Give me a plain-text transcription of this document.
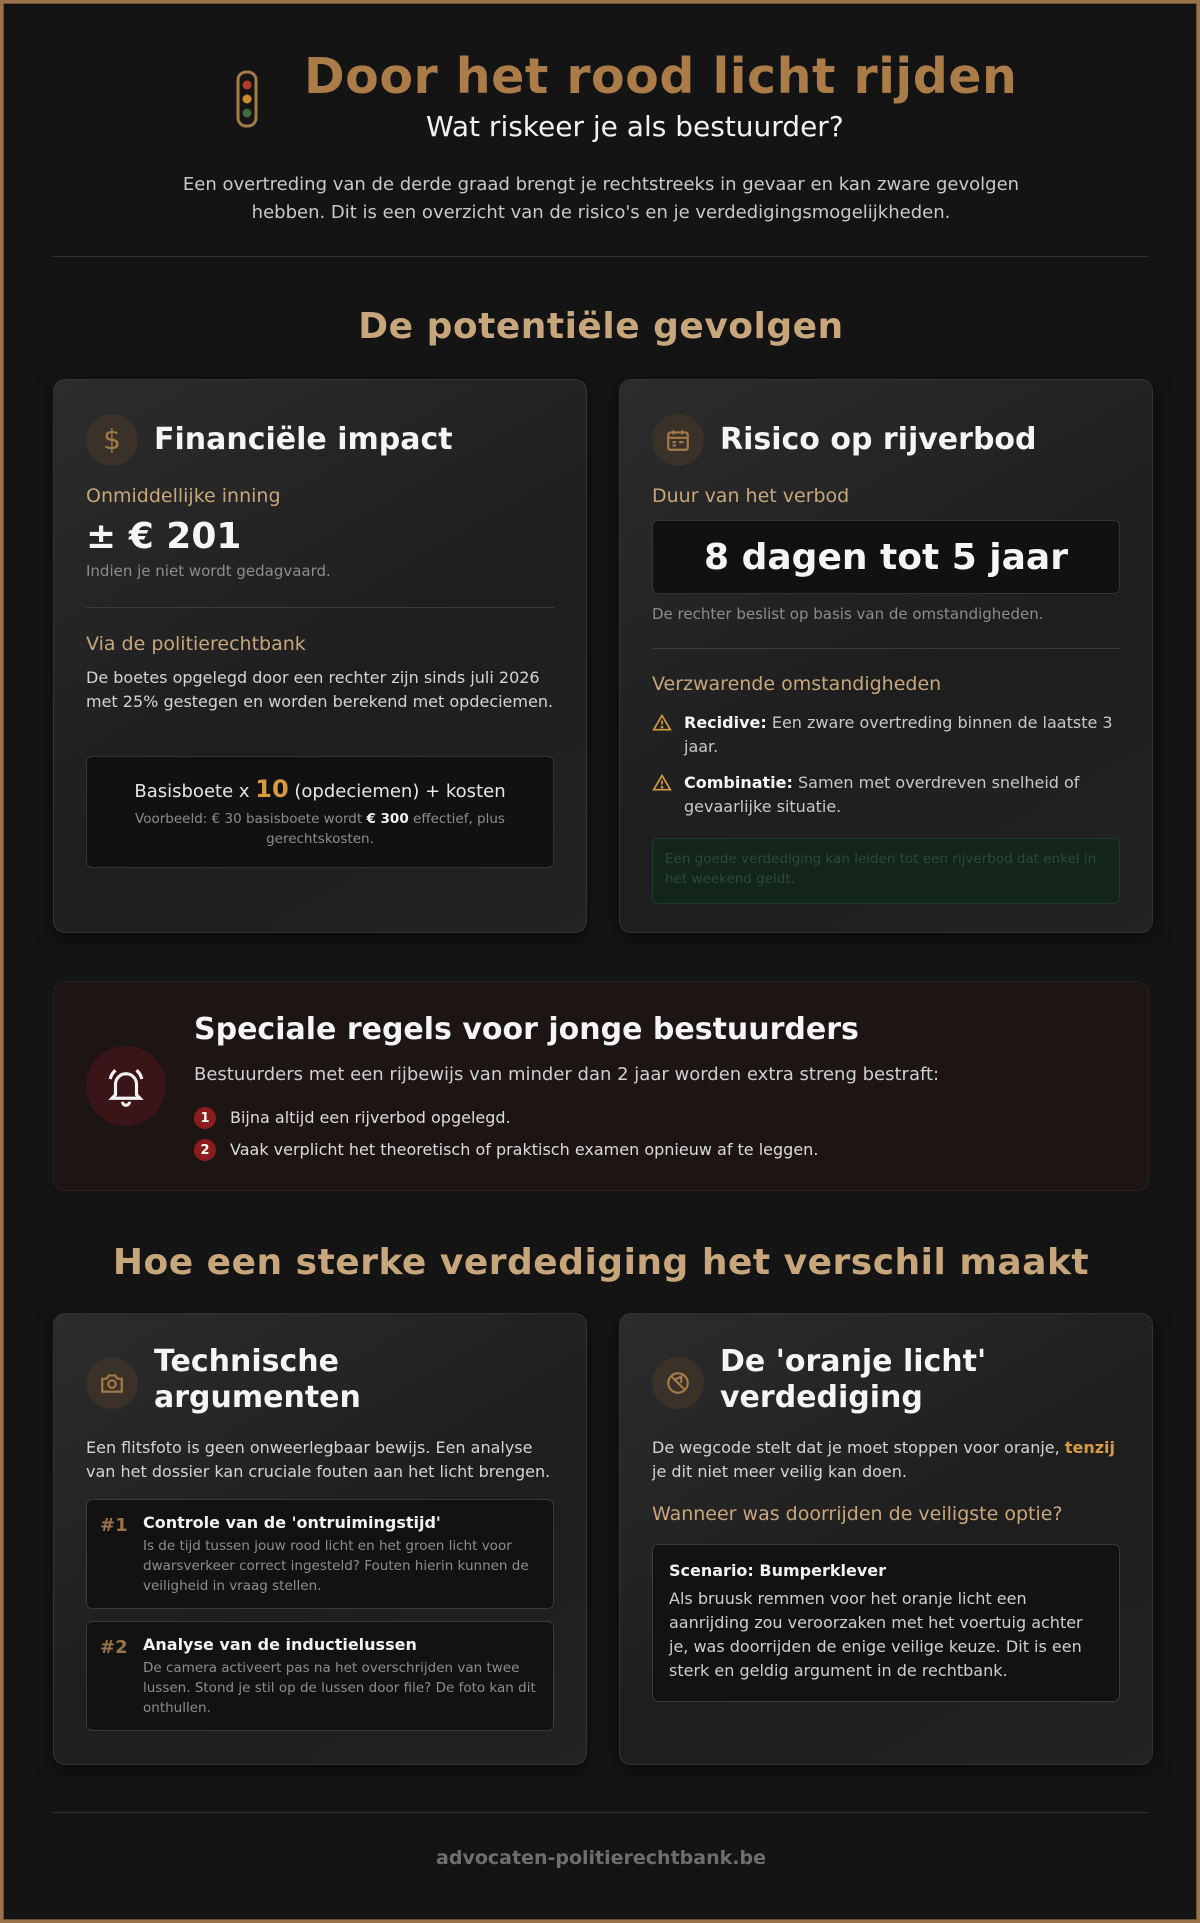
Door het rood licht rijden
Wat riskeer je als bestuurder?
Een overtreding van de derde graad brengt je rechtstreeks in gevaar en kan zware gevolgen hebben. Dit is een overzicht van de risico's en je verdedigingsmogelijkheden.
De potentiële gevolgen
$ Financiële impact
Onmiddellijke inning
± € 201
Indien je niet wordt gedagvaard.
Via de politierechtbank
De boetes opgelegd door een rechter zijn sinds juli 2026 met 25% gestegen en worden berekend met opdeciemen.
Basisboete x 10 (opdeciemen) + kosten
Voorbeeld: € 30 basisboete wordt € 300 effectief, plus gerechtskosten.
Risico op rijverbod
Duur van het verbod
8 dagen tot 5 jaar
De rechter beslist op basis van de omstandigheden.
Verzwarende omstandigheden
Recidive: Een zware overtreding binnen de laatste 3 jaar.
Combinatie: Samen met overdreven snelheid of gevaarlijke situatie.
Een goede verdediging kan leiden tot een rijverbod dat enkel in het weekend geldt.
Speciale regels voor jonge bestuurders
Bestuurders met een rijbewijs van minder dan 2 jaar worden extra streng bestraft:
1	Bijna altijd een rijverbod opgelegd.
2	Vaak verplicht het theoretisch of praktisch examen opnieuw af te leggen.
Hoe een sterke verdediging het verschil maakt
Technische
argumenten
Een flitsfoto is geen onweerlegbaar bewijs. Een analyse van het dossier kan cruciale fouten aan het licht brengen.
#1 Controle van de 'ontruimingstijd'
Is de tijd tussen jouw rood licht en het groen licht voor dwarsverkeer correct ingesteld? Fouten hierin kunnen de veiligheid in vraag stellen.
#2 Analyse van de inductielussen
De camera activeert pas na het overschrijden van twee lussen. Stond je stil op de lussen door file? De foto kan dit onthullen.
De 'oranje licht'
verdediging
De wegcode stelt dat je moet stoppen voor oranje, tenzij je dit niet meer veilig kan doen.
Wanneer was doorrijden de veiligste optie?
Scenario: Bumperklever
Als bruusk remmen voor het oranje licht een aanrijding zou veroorzaken met het voertuig achter je, was doorrijden de enige veilige keuze. Dit is een sterk en geldig argument in de rechtbank.
advocaten-politierechtbank.be
